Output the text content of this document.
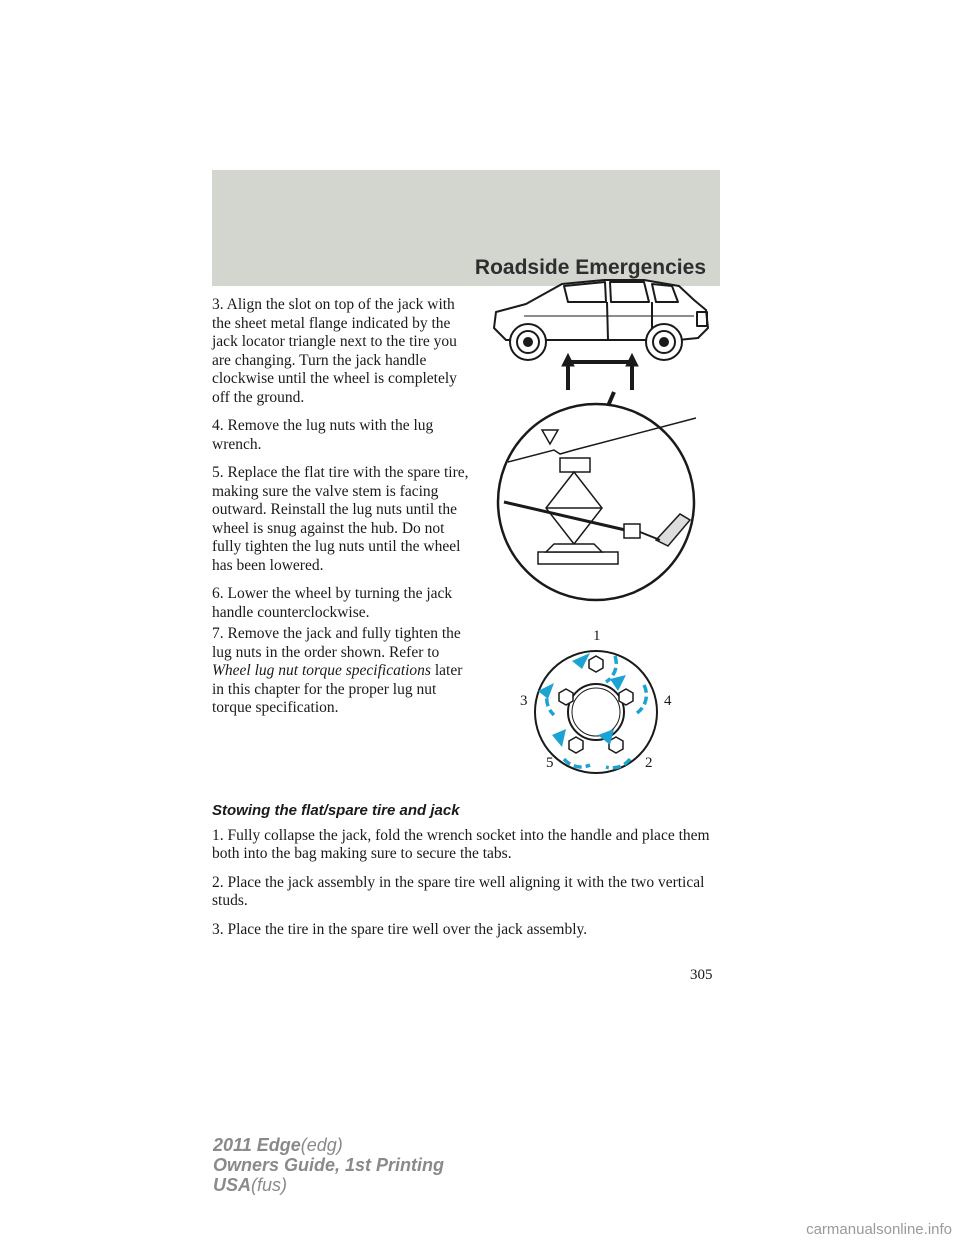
Roadside Emergencies

3. Align the slot on top of the jack with the sheet metal flange indicated by the jack locator triangle next to the tire you are changing. Turn the jack handle clockwise until the wheel is completely off the ground.

4. Remove the lug nuts with the lug wrench.

5. Replace the flat tire with the spare tire, making sure the valve stem is facing outward. Reinstall the lug nuts until the wheel is snug against the hub. Do not fully tighten the lug nuts until the wheel has been lowered.

6. Lower the wheel by turning the jack handle counterclockwise.

7. Remove the jack and fully tighten the lug nuts in the order shown. Refer to Wheel lug nut torque specifications later in this chapter for the proper lug nut torque specification.

1
2
3	4
5
Stowing the flat/spare tire and jack

1. Fully collapse the jack, fold the wrench socket into the handle and place them both into the bag making sure to secure the tabs.

2. Place the jack assembly in the spare tire well aligning it with the two vertical studs.

3. Place the tire in the spare tire well over the jack assembly.

305
2011 Edge(edg)
Owners Guide, 1st Printing
USA(fus)
carmanualsonline.info
